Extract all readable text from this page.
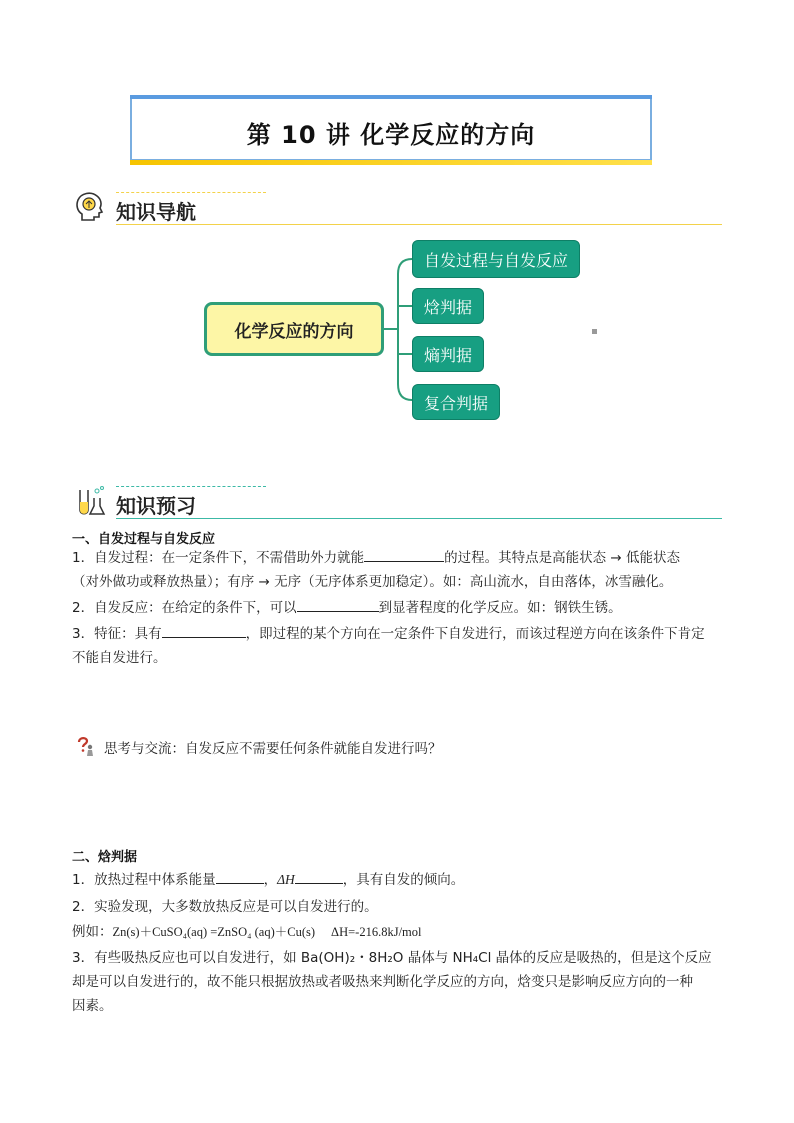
第 10 讲 化学反应的方向
知识导航
化学反应的方向
自发过程与自发反应
焓判据
熵判据
复合判据
知识预习
一、自发过程与自发反应
1．自发过程：在一定条件下，不需借助外力就能	的过程。其特点是高能状态 → 低能状态
（对外做功或释放热量）；有序 → 无序（无序体系更加稳定）。如：高山流水，自由落体，冰雪融化。
2．自发反应：在给定的条件下，可以	到显著程度的化学反应。如：钢铁生锈。
3．特征：具有	，即过程的某个方向在一定条件下自发进行，而该过程逆方向在该条件下肯定
不能自发进行。
思考与交流：自发反应不需要任何条件就能自发进行吗？
二、焓判据
1．放热过程中体系能量	，ΔH	，具有自发的倾向。
2．实验发现，大多数放热反应是可以自发进行的。
例如：Zn(s)＋CuSO₄(aq) =ZnSO₄ (aq)＋Cu(s) ΔH=-216.8kJ/mol
3．有些吸热反应也可以自发进行，如 Ba(OH)₂・8H₂O 晶体与 NH₄Cl 晶体的反应是吸热的，但是这个反应
却是可以自发进行的，故不能只根据放热或者吸热来判断化学反应的方向，焓变只是影响反应方向的一种
因素。
